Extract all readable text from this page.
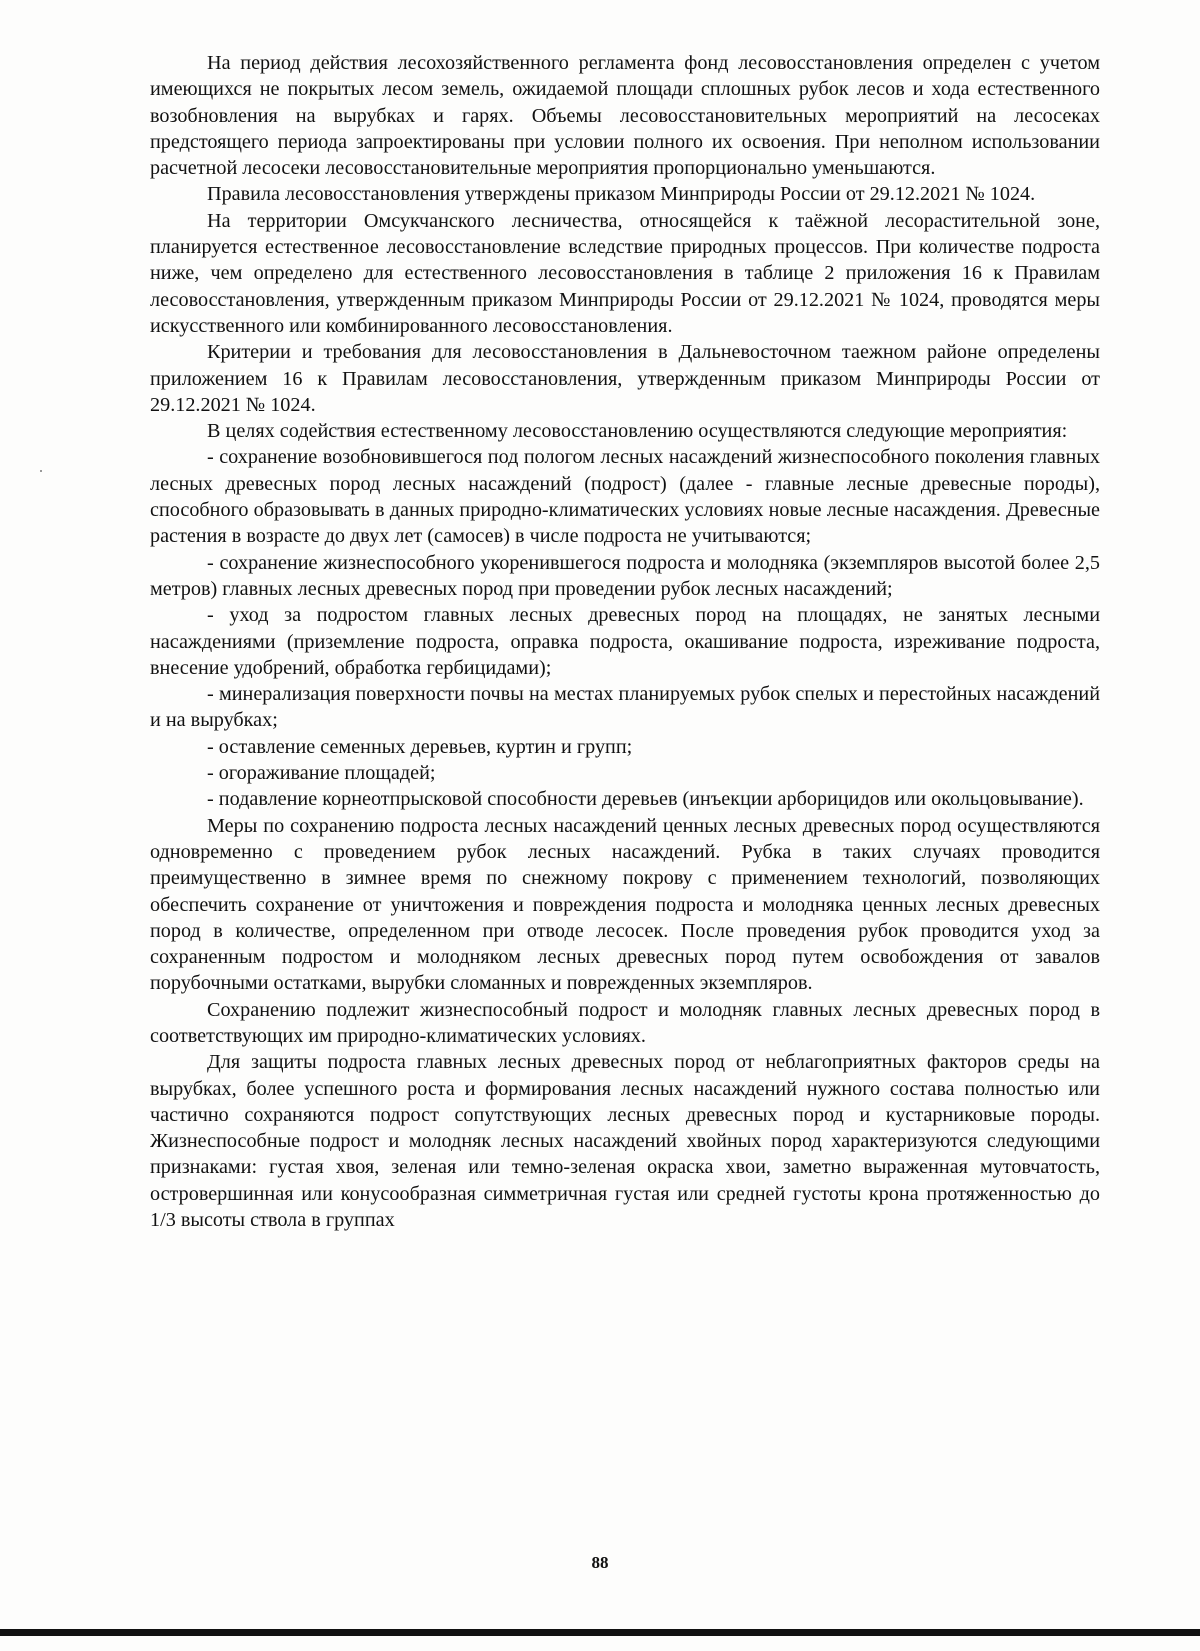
На период действия лесохозяйственного регламента фонд лесовосстановления определен с учетом имеющихся не покрытых лесом земель, ожидаемой площади сплошных рубок лесов и хода естественного возобновления на вырубках и гарях. Объемы лесовосстановительных мероприятий на лесосеках предстоящего периода запроектированы при условии полного их освоения. При неполном использовании расчетной лесосеки лесовосстановительные мероприятия пропорционально уменьшаются.

Правила лесовосстановления утверждены приказом Минприроды России от 29.12.2021 № 1024.

На территории Омсукчанского лесничества, относящейся к таёжной лесорастительной зоне, планируется естественное лесовосстановление вследствие природных процессов. При количестве подроста ниже, чем определено для естественного лесовосстановления в таблице 2 приложения 16 к Правилам лесовосстановления, утвержденным приказом Минприроды России от 29.12.2021 № 1024, проводятся меры искусственного или комбинированного лесовосстановления.

Критерии и требования для лесовосстановления в Дальневосточном таежном районе определены приложением 16 к Правилам лесовосстановления, утвержденным приказом Минприроды России от 29.12.2021 № 1024.

В целях содействия естественному лесовосстановлению осуществляются следующие мероприятия:

- сохранение возобновившегося под пологом лесных насаждений жизнеспособного поколения главных лесных древесных пород лесных насаждений (подрост) (далее - главные лесные древесные породы), способного образовывать в данных природно-климатических условиях новые лесные насаждения. Древесные растения в возрасте до двух лет (самосев) в числе подроста не учитываются;

- сохранение жизнеспособного укоренившегося подроста и молодняка (экземпляров высотой более 2,5 метров) главных лесных древесных пород при проведении рубок лесных насаждений;

- уход за подростом главных лесных древесных пород на площадях, не занятых лесными насаждениями (приземление подроста, оправка подроста, окашивание подроста, изреживание подроста, внесение удобрений, обработка гербицидами);

- минерализация поверхности почвы на местах планируемых рубок спелых и перестойных насаждений и на вырубках;

- оставление семенных деревьев, куртин и групп;

- огораживание площадей;

- подавление корнеотпрысковой способности деревьев (инъекции арборицидов или окольцовывание).

Меры по сохранению подроста лесных насаждений ценных лесных древесных пород осуществляются одновременно с проведением рубок лесных насаждений. Рубка в таких случаях проводится преимущественно в зимнее время по снежному покрову с применением технологий, позволяющих обеспечить сохранение от уничтожения и повреждения подроста и молодняка ценных лесных древесных пород в количестве, определенном при отводе лесосек. После проведения рубок проводится уход за сохраненным подростом и молодняком лесных древесных пород путем освобождения от завалов порубочными остатками, вырубки сломанных и поврежденных экземпляров.

Сохранению подлежит жизнеспособный подрост и молодняк главных лесных древесных пород в соответствующих им природно-климатических условиях.

Для защиты подроста главных лесных древесных пород от неблагоприятных факторов среды на вырубках, более успешного роста и формирования лесных насаждений нужного состава полностью или частично сохраняются подрост сопутствующих лесных древесных пород и кустарниковые породы. Жизнеспособные подрост и молодняк лесных насаждений хвойных пород характеризуются следующими признаками: густая хвоя, зеленая или темно-зеленая окраска хвои, заметно выраженная мутовчатость, островершинная или конусообразная симметричная густая или средней густоты крона протяженностью до 1/3 высоты ствола в группах

88
